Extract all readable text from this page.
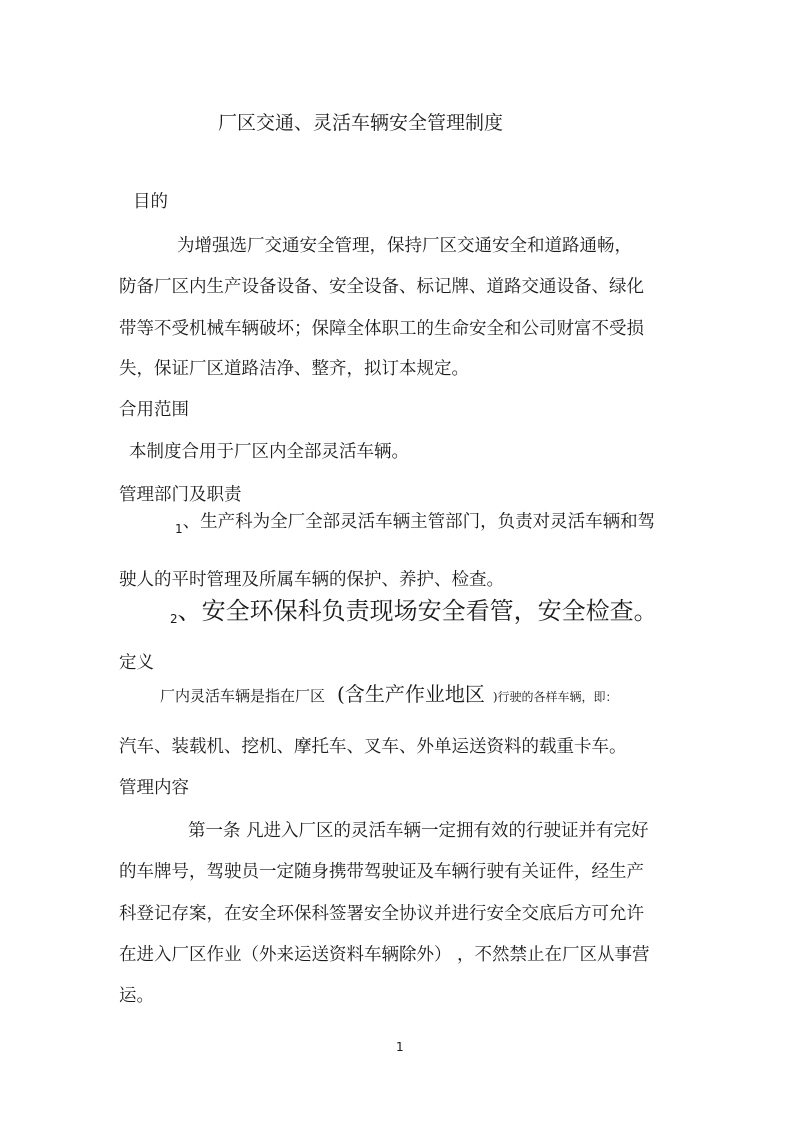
厂区交通、灵活车辆安全管理制度
目的
为增强选厂交通安全管理，保持厂区交通安全和道路通畅，
防备厂区内生产设备设备、安全设备、标记牌、道路交通设备、绿化
带等不受机械车辆破坏；保障全体职工的生命安全和公司财富不受损
失，保证厂区道路洁净、整齐，拟订本规定。
合用范围
本制度合用于厂区内全部灵活车辆。
管理部门及职责
$_1$、生产科为全厂全部灵活车辆主管部门，负责对灵活车辆和驾
驶人的平时管理及所属车辆的保护、养护、检查。
2、安全环保科负责现场安全看管，安全检查。
定义
厂内灵活车辆是指在厂区 (含生产作业地区 )行驶的各样车辆，即：
汽车、装载机、挖机、摩托车、叉车、外单运送资料的载重卡车。
管理内容
第一条 凡进入厂区的灵活车辆一定拥有效的行驶证并有完好
的车牌号，驾驶员一定随身携带驾驶证及车辆行驶有关证件，经生产
科登记存案，在安全环保科签署安全协议并进行安全交底后方可允许
在进入厂区作业（外来运送资料车辆除外） ，不然禁止在厂区从事营
运。
1
